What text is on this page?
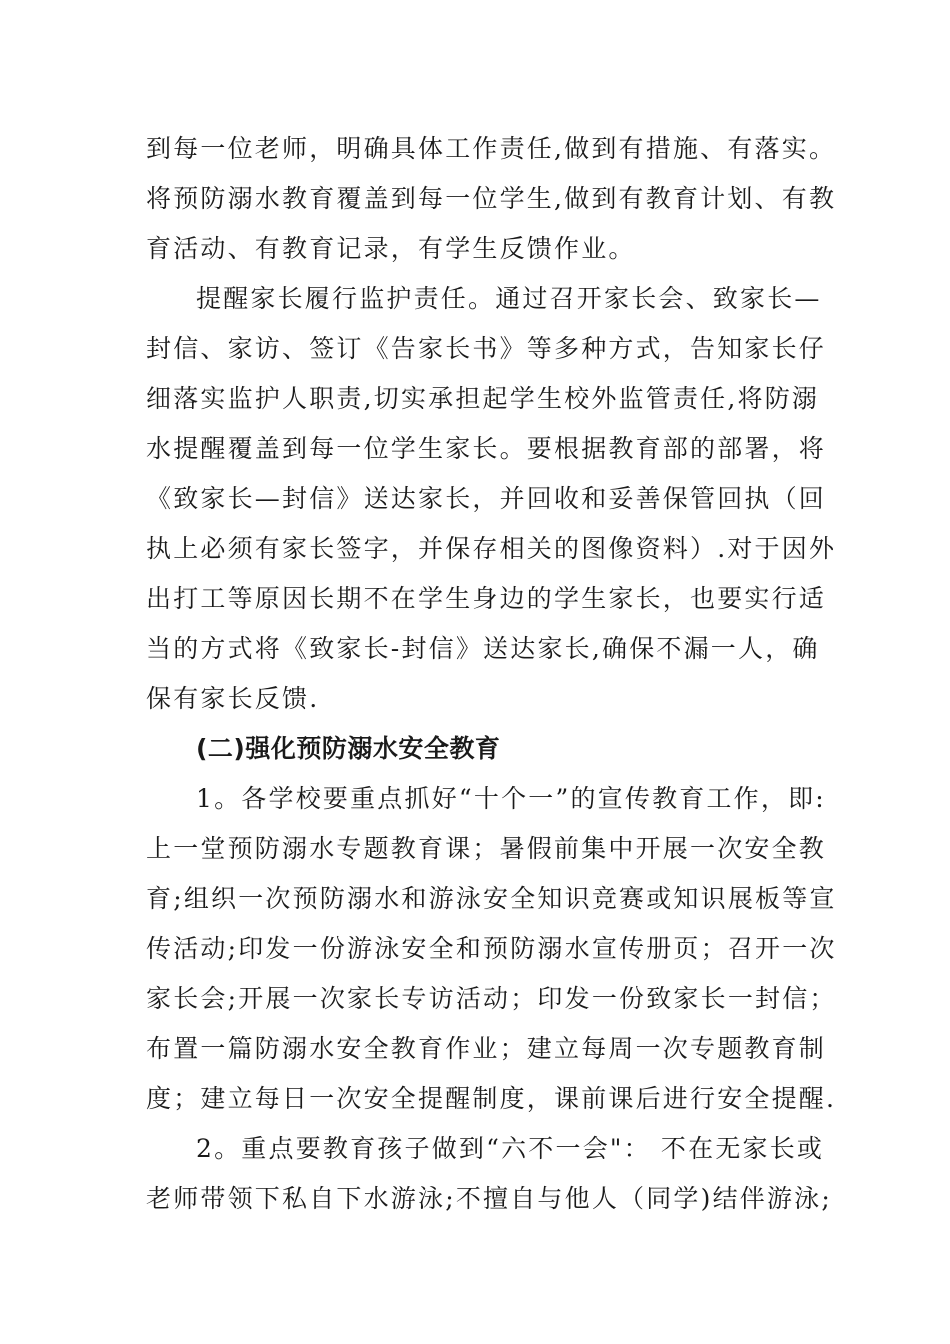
到每一位老师，明确具体工作责任,做到有措施、有落实。
将预防溺水教育覆盖到每一位学生,做到有教育计划、有教
育活动、有教育记录，有学生反馈作业。
提醒家长履行监护责任。通过召开家长会、致家长—
封信、家访、签订《告家长书》等多种方式，告知家长仔
细落实监护人职责,切实承担起学生校外监管责任,将防溺
水提醒覆盖到每一位学生家长。要根据教育部的部署，将
《致家长—封信》送达家长，并回收和妥善保管回执（回
执上必须有家长签字，并保存相关的图像资料）.对于因外
出打工等原因长期不在学生身边的学生家长，也要实行适
当的方式将《致家长-封信》送达家长,确保不漏一人，确
保有家长反馈.
(二)强化预防溺水安全教育
1。各学校要重点抓好“十个一”的宣传教育工作，即:
上一堂预防溺水专题教育课；暑假前集中开展一次安全教
育;组织一次预防溺水和游泳安全知识竞赛或知识展板等宣
传活动;印发一份游泳安全和预防溺水宣传册页；召开一次
家长会;开展一次家长专访活动；印发一份致家长一封信；
布置一篇防溺水安全教育作业；建立每周一次专题教育制
度；建立每日一次安全提醒制度，课前课后进行安全提醒.
2。重点要教育孩子做到“六不一会"： 不在无家长或
老师带领下私自下水游泳;不擅自与他人（同学)结伴游泳;
